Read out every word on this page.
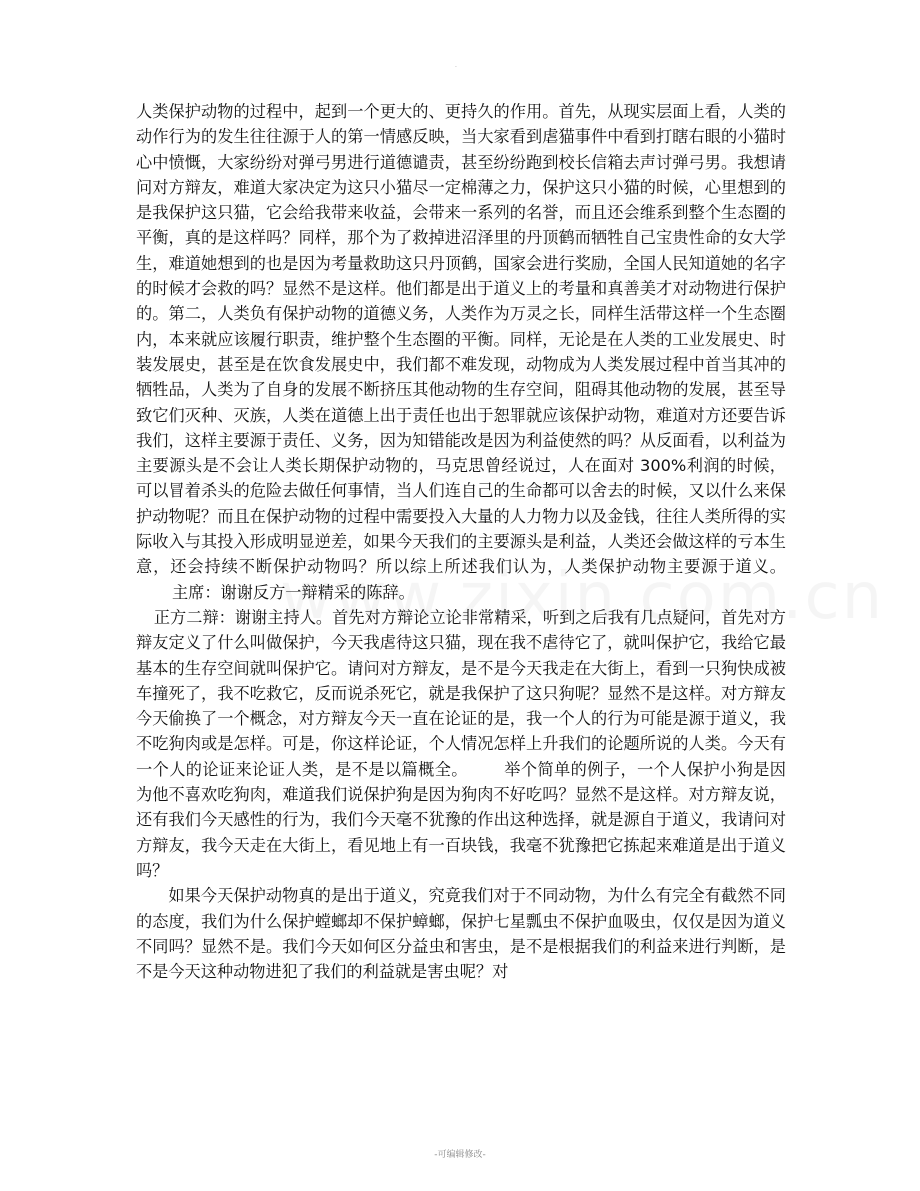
.

人类保护动物的过程中，起到一个更大的、更持久的作用。首先，从现实层面上看，人类的动作行为的发生往往源于人的第一情感反映，当大家看到虐猫事件中看到打瞎右眼的小猫时心中愤慨，大家纷纷对弹弓男进行道德谴责，甚至纷纷跑到校长信箱去声讨弹弓男。我想请问对方辩友，难道大家决定为这只小猫尽一定棉薄之力，保护这只小猫的时候，心里想到的是我保护这只猫，它会给我带来收益，会带来一系列的名誉，而且还会维系到整个生态圈的平衡，真的是这样吗？同样，那个为了救掉进沼泽里的丹顶鹤而牺牲自己宝贵性命的女大学生，难道她想到的也是因为考量救助这只丹顶鹤，国家会进行奖励，全国人民知道她的名字的时候才会救的吗？显然不是这样。他们都是出于道义上的考量和真善美才对动物进行保护的。第二，人类负有保护动物的道德义务，人类作为万灵之长，同样生活带这样一个生态圈内，本来就应该履行职责，维护整个生态圈的平衡。同样，无论是在人类的工业发展史、时装发展史，甚至是在饮食发展史中，我们都不难发现，动物成为人类发展过程中首当其冲的牺牲品，人类为了自身的发展不断挤压其他动物的生存空间，阻碍其他动物的发展，甚至导致它们灭种、灭族，人类在道德上出于责任也出于恕罪就应该保护动物，难道对方还要告诉我们，这样主要源于责任、义务，因为知错能改是因为利益使然的吗？从反面看，以利益为主要源头是不会让人类长期保护动物的，马克思曾经说过，人在面对 300%利润的时候，可以冒着杀头的危险去做任何事情，当人们连自己的生命都可以舍去的时候，又以什么来保护动物呢？而且在保护动物的过程中需要投入大量的人力物力以及金钱，往往人类所得的实际收入与其投入形成明显逆差，如果今天我们的主要源头是利益，人类还会做这样的亏本生意，还会持续不断保护动物吗？所以综上所述我们认为，人类保护动物主要源于道义。主席：谢谢反方一辩精采的陈辞。

正方二辩：谢谢主持人。首先对方辩论立论非常精采，听到之后我有几点疑问，首先对方辩友定义了什么叫做保护，今天我虐待这只猫，现在我不虐待它了，就叫保护它，我给它最基本的生存空间就叫保护它。请问对方辩友，是不是今天我走在大街上，看到一只狗快成被车撞死了，我不吃救它，反而说杀死它，就是我保护了这只狗呢？显然不是这样。对方辩友今天偷换了一个概念，对方辩友今天一直在论证的是，我一个人的行为可能是源于道义，我不吃狗肉或是怎样。可是，你这样论证，个人情况怎样上升我们的论题所说的人类。今天有一个人的论证来论证人类，是不是以篇概全。 举个简单的例子，一个人保护小狗是因为他不喜欢吃狗肉，难道我们说保护狗是因为狗肉不好吃吗？显然不是这样。对方辩友说，还有我们今天感性的行为，我们今天毫不犹豫的作出这种选择，就是源自于道义，我请问对方辩友，我今天走在大街上，看见地上有一百块钱，我毫不犹豫把它拣起来难道是出于道义吗？

如果今天保护动物真的是出于道义，究竟我们对于不同动物，为什么有完全有截然不同的态度，我们为什么保护螳螂却不保护蟑螂，保护七星瓢虫不保护血吸虫，仅仅是因为道义不同吗？显然不是。我们今天如何区分益虫和害虫，是不是根据我们的利益来进行判断，是不是今天这种动物进犯了我们的利益就是害虫呢？对

-可编辑修改-
